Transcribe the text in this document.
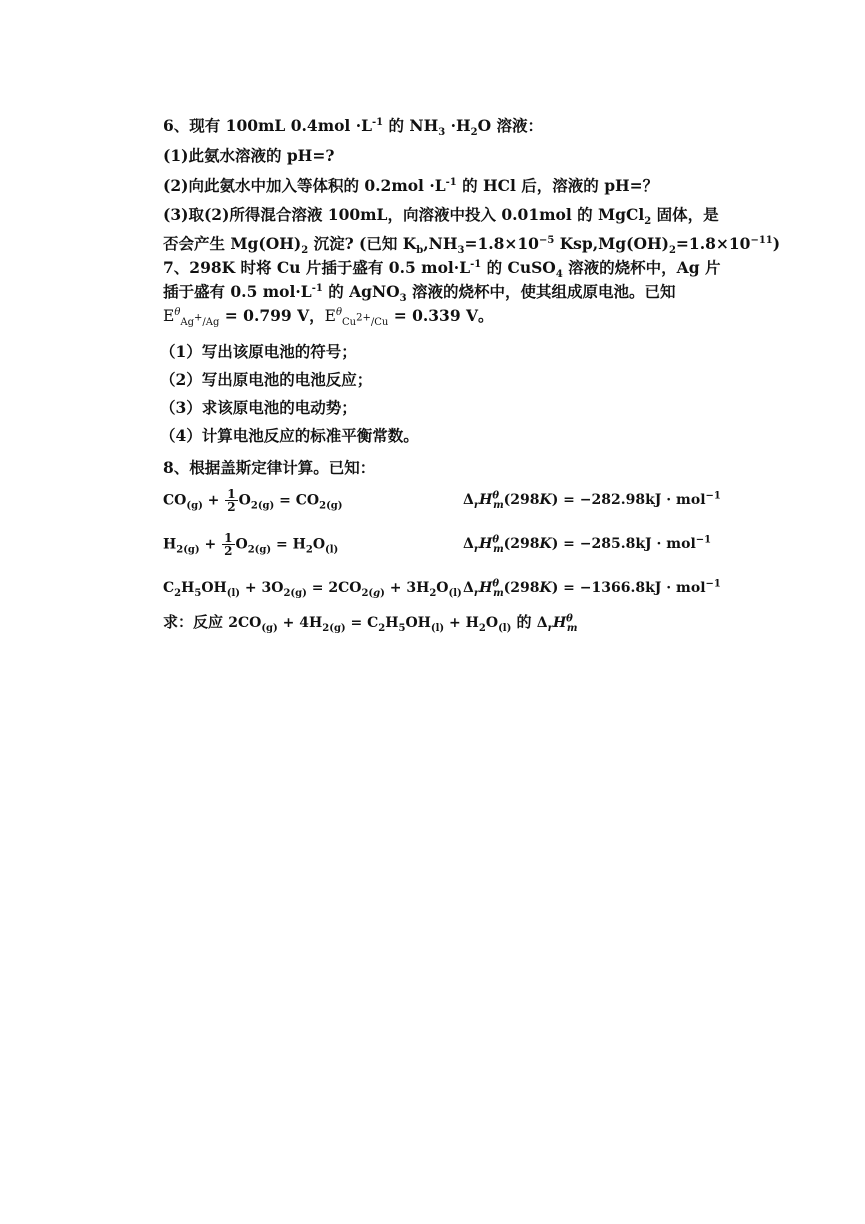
6、现有 100mL $0.4mol \cdot L^{-1}$ 的 $NH_3 \cdot H_2O$ 溶液：
(1)此氨水溶液的 pH=?
(2)向此氨水中加入等体积的 $0.2mol \cdot L^{-1}$ 的 HCl 后，溶液的 pH=？
(3)取(2)所得混合溶液 100mL，向溶液中投入 0.01mol 的 MgCl$_2$ 固体，是
否会产生 $Mg(OH)_2$ 沉淀? (已知 $K_b,NH_3=1.8\times 10^{-5}$ $Ksp,Mg(OH)_2=1.8\times 10^{-11}$)
7、298K 时将 Cu 片插于盛有 0.5 $mol\cdot L^{-1}$ 的 CuSO$_4$ 溶液的烧杯中，Ag 片
插于盛有 0.5 $mol\cdot L^{-1}$ 的 AgNO$_3$ 溶液的烧杯中，使其组成原电池。已知
$E^\theta_{Ag^+/Ag} = 0.799$ V，$E^\theta_{Cu^{2+}/Cu} = 0.339$ V。
（1）写出该原电池的符号；
（2）写出原电池的电池反应；
（3）求该原电池的电动势；
（4）计算电池反应的标准平衡常数。
8、根据盖斯定律计算。已知：
$CO_{(g)} + \frac{1}{2} O_{2(g)} = CO_{2(g)}$	$\Delta_rH^\theta_m(298K) = -282.98kJ \cdot mol^{-1}$
$H_{2(g)} + \frac{1}{2} O_{2(g)} = H_2O_{(l)}$	$\Delta_rH^\theta_m(298K) = -285.8kJ \cdot mol^{-1}$
$C_2H_5OH_{(l)} + 3O_{2(g)} = 2CO_{2(g)} + 3H_2O_{(l)}$ $\Delta_rH^\theta_m(298K) = -1366.8kJ \cdot mol^{-1}$
求：反应 $2CO_{(g)} + 4H_{2(g)} = C_2H_5OH_{(l)} + H_2O_{(l)}$ 的 $\Delta_rH^\theta_m$
